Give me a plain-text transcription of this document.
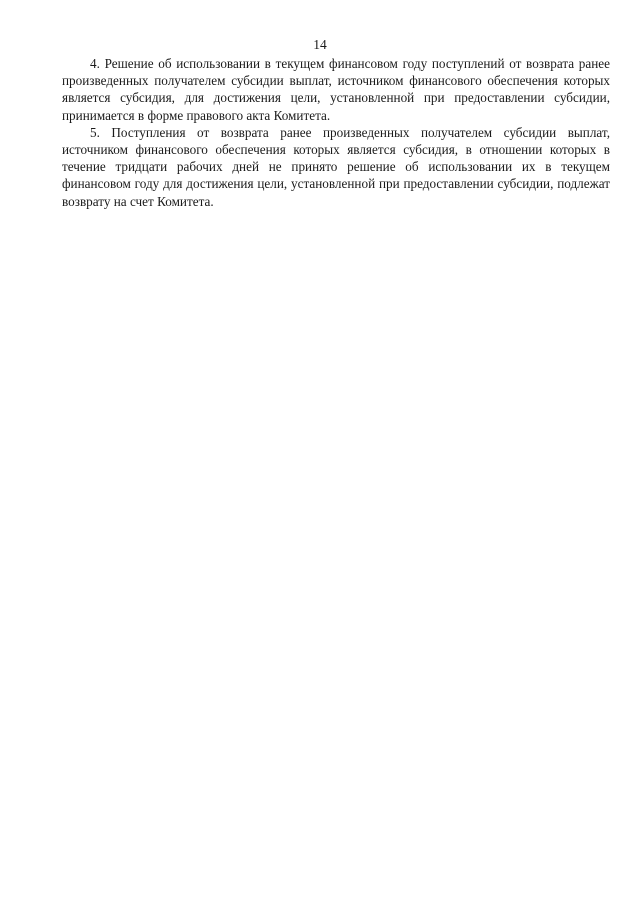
14

4. Решение об использовании в текущем финансовом году поступлений от возврата ранее произведенных получателем субсидии выплат, источником финансового обеспечения которых является субсидия, для достижения цели, установленной при предоставлении субсидии, принимается в форме правового акта Комитета.

5. Поступления от возврата ранее произведенных получателем субсидии выплат, источником финансового обеспечения которых является субсидия, в отношении которых в течение тридцати рабочих дней не принято решение об использовании их в текущем финансовом году для достижения цели, установленной при предоставлении субсидии, подлежат возврату на счет Комитета.
